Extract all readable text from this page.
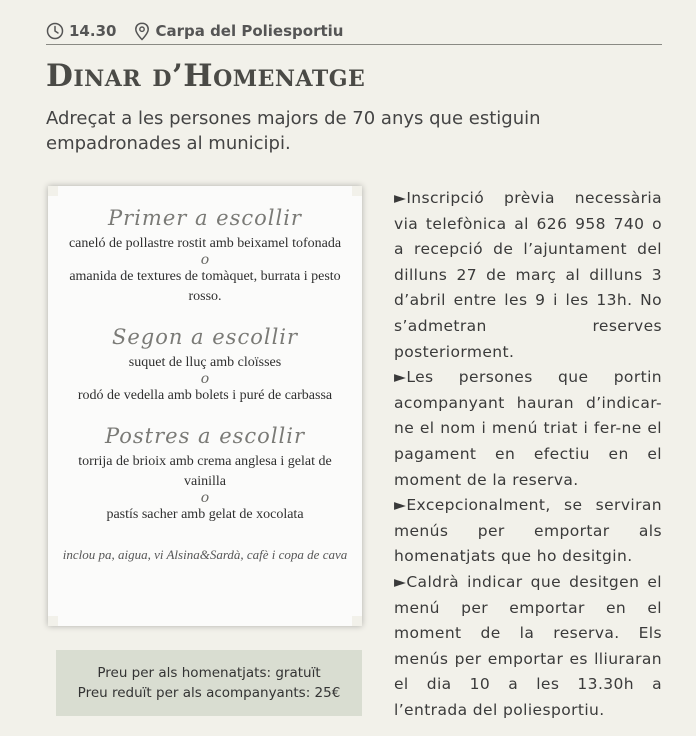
14.30	Carpa del Poliesportiu
Dinar d’Homenatge
Adreçat a les persones majors de 70 anys que estiguin empadronades al municipi.
Primer a escollir
caneló de pollastre rostit amb beixamel tofonada
o
amanida de textures de tomàquet, burrata i pesto rosso.
Segon a escollir
suquet de lluç amb cloïsses
o
rodó de vedella amb bolets i puré de carbassa
Postres a escollir
torrija de brioix amb crema anglesa i gelat de vainilla
o
pastís sacher amb gelat de xocolata
inclou pa, aigua, vi Alsina&Sardà, cafè i copa de cava
Preu per als homenatjats: gratuït
Preu reduït per als acompanyants: 25€

►Inscripció prèvia necessària via telefònica al 626 958 740 o a recepció de l’ajuntament del dilluns 27 de març al dilluns 3 d’abril entre les 9 i les 13h. No s’admetran reserves posteriorment.

►Les persones que portin acompanyant hauran d’indicar-ne el nom i menú triat i fer-ne el pagament en efectiu en el moment de la reserva.

►Excepcionalment, se serviran menús per emportar als homenatjats que ho desitgin.

►Caldrà indicar que desitgen el menú per emportar en el moment de la reserva. Els menús per emportar es lliuraran el dia 10 a les 13.30h a l’entrada del poliesportiu.
